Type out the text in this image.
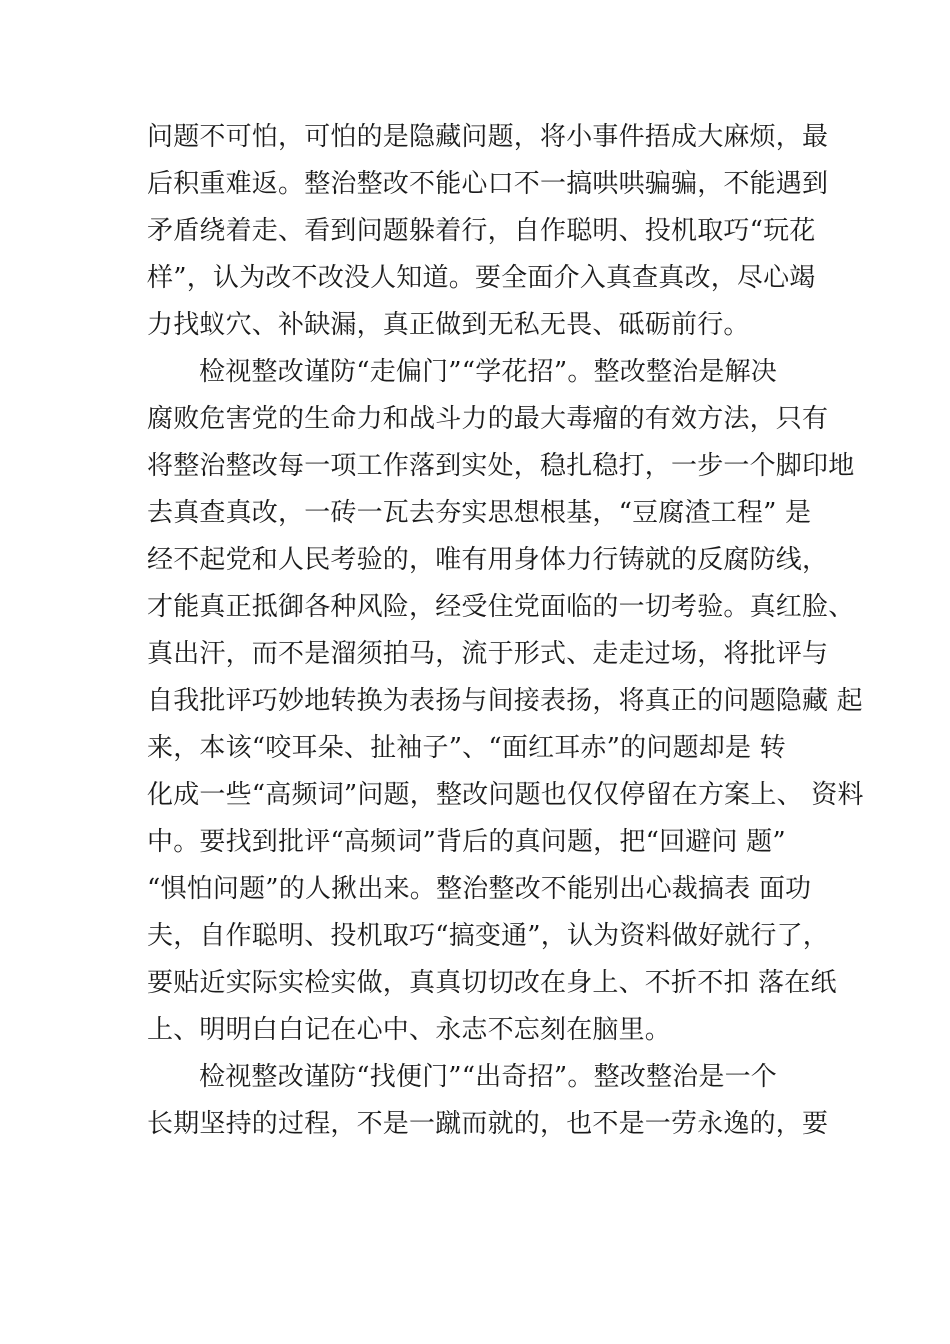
问题不可怕，可怕的是隐藏问题，将小事件捂成大麻烦，最
后积重难返。整治整改不能心口不一搞哄哄骗骗，不能遇到
矛盾绕着走、看到问题躲着行，自作聪明、投机取巧“玩花
样”，认为改不改没人知道。要全面介入真查真改，尽心竭
力找蚁穴、补缺漏，真正做到无私无畏、砥砺前行。
检视整改谨防“走偏门”“学花招”。整改整治是解决
腐败危害党的生命力和战斗力的最大毒瘤的有效方法，只有
将整治整改每一项工作落到实处，稳扎稳打，一步一个脚印地
去真查真改，一砖一瓦去夯实思想根基，“豆腐渣工程” 是
经不起党和人民考验的，唯有用身体力行铸就的反腐防线，
才能真正抵御各种风险，经受住党面临的一切考验。真红脸、
真出汗，而不是溜须拍马，流于形式、走走过场，将批评与
自我批评巧妙地转换为表扬与间接表扬，将真正的问题隐藏 起
来，本该“咬耳朵、扯袖子”、“面红耳赤”的问题却是 转
化成一些“高频词”问题，整改问题也仅仅停留在方案上、 资料
中。要找到批评“高频词”背后的真问题，把“回避问 题”
“惧怕问题”的人揪出来。整治整改不能别出心裁搞表 面功
夫，自作聪明、投机取巧“搞变通”，认为资料做好就行了，
要贴近实际实检实做，真真切切改在身上、不折不扣 落在纸
上、明明白白记在心中、永志不忘刻在脑里。
检视整改谨防“找便门”“出奇招”。整改整治是一个
长期坚持的过程，不是一蹴而就的，也不是一劳永逸的，要
